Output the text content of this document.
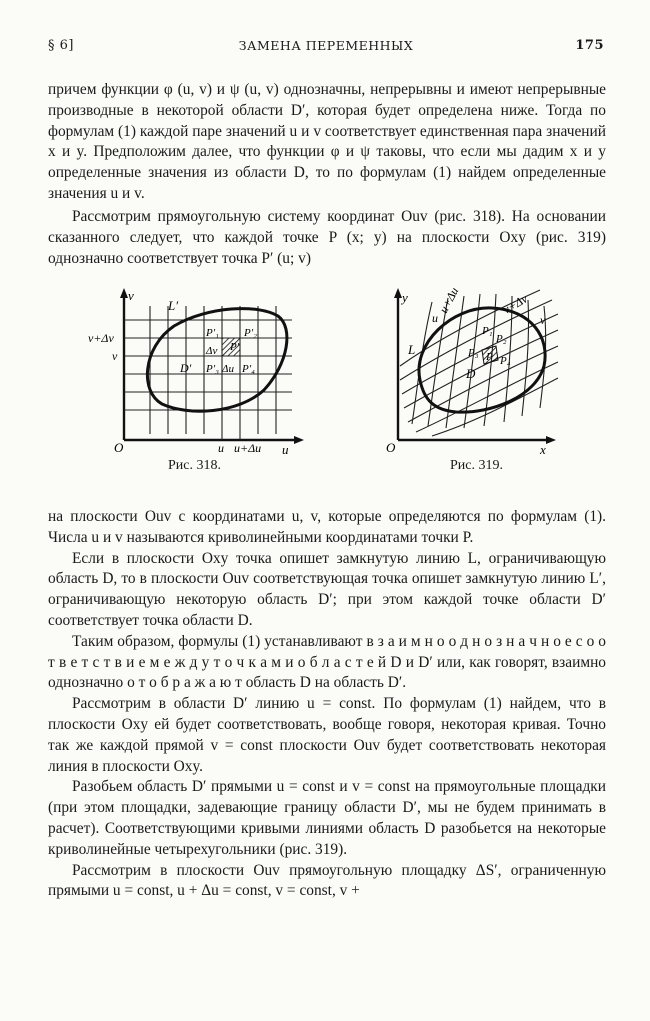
§ 6]	ЗАМЕНА ПЕРЕМЕННЫХ	175

причем функции φ (u, v) и ψ (u, v) однозначны, непрерывны и имеют непрерывные производные в некоторой области D′, которая будет определена ниже. Тогда по формулам (1) каждой паре значений u и v соответствует единственная пара значений x и y. Предположим далее, что функции φ и ψ таковы, что если мы дадим x и y определенные значения из области D, то по формулам (1) найдем определенные значения u и v.

Рассмотрим прямоугольную систему координат Ouv (рис. 318). На основании сказанного следует, что каждой точке P (x; y) на плоскости Oxy (рис. 319) однозначно соответствует точка P′ (u; v)

v
O	u
u u+Δu
v+Δv
v
L′
D′
P′₁ P′₂
P′₃ P′₄
P′
Δu
Δv
Рис. 318.
y
O	x
u+Δu
u
v+Δv
v
L
D
P₁
P₂
P₃
P₄
P
Рис. 319.

на плоскости Ouv с координатами u, v, которые определяются по формулам (1). Числа u и v называются криволинейными координатами точки P.

Если в плоскости Oxy точка опишет замкнутую линию L, ограничивающую область D, то в плоскости Ouv соответствующая точка опишет замкнутую линию L′, ограничивающую некоторую область D′; при этом каждой точке области D′ соответствует точка области D.

Таким образом, формулы (1) устанавливают в з а и м н о о д н о з н а ч н о е с о о т в е т с т в и е м е ж д у т о ч к а м и о б л а с т е й D и D′ или, как говорят, взаимно однозначно о т о б р а ж а ю т область D на область D′.

Рассмотрим в области D′ линию u = const. По формулам (1) найдем, что в плоскости Oxy ей будет соответствовать, вообще говоря, некоторая кривая. Точно так же каждой прямой v = const плоскости Ouv будет соответствовать некоторая линия в плоскости Oxy.

Разобьем область D′ прямыми u = const и v = const на прямоугольные площадки (при этом площадки, задевающие границу области D′, мы не будем принимать в расчет). Соответствующими кривыми линиями область D разобьется на некоторые криволинейные четырехугольники (рис. 319).

Рассмотрим в плоскости Ouv прямоугольную площадку ΔS′, ограниченную прямыми u = const, u + Δu = const, v = const, v +
